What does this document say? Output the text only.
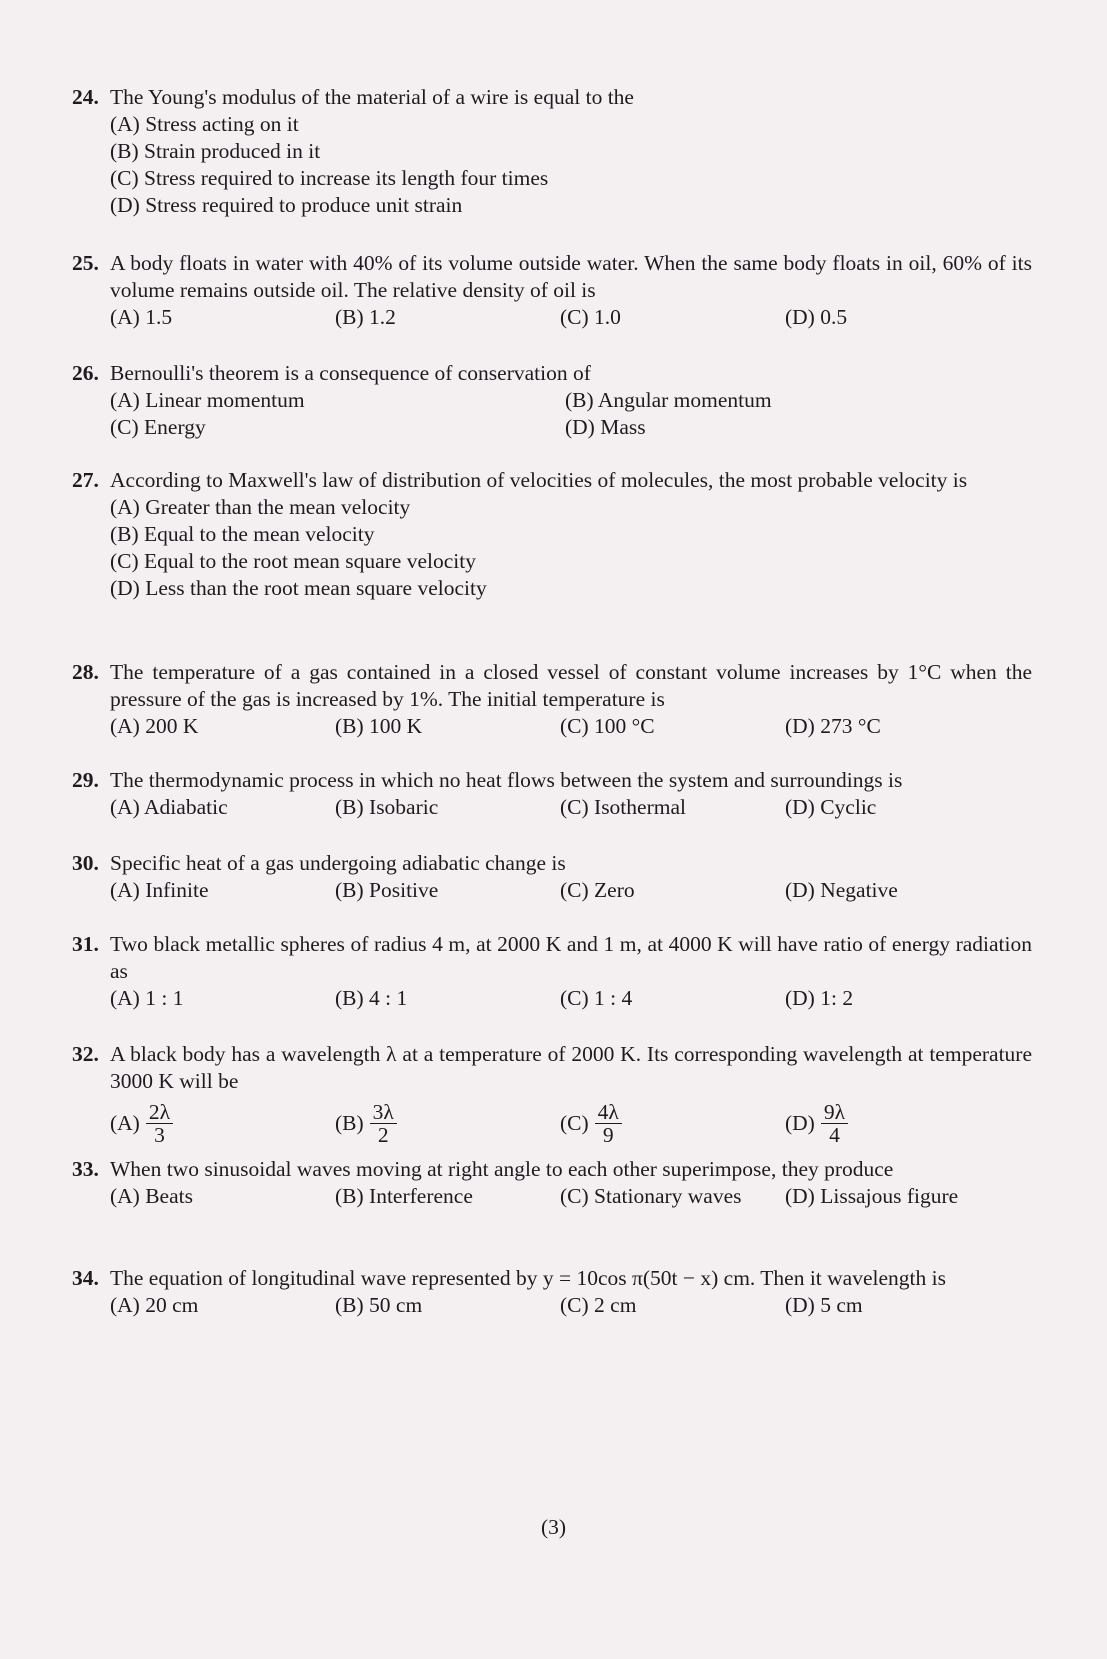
24. The Young's modulus of the material of a wire is equal to the
(A) Stress acting on it
(B) Strain produced in it
(C) Stress required to increase its length four times
(D) Stress required to produce unit strain
25. A body floats in water with 40% of its volume outside water. When the same body floats in oil, 60% of its volume remains outside oil. The relative density of oil is
(A) 1.5	(B) 1.2	(C) 1.0	(D) 0.5
26. Bernoulli's theorem is a consequence of conservation of
(A) Linear momentum	(B) Angular momentum
(C) Energy	(D) Mass
27. According to Maxwell's law of distribution of velocities of molecules, the most probable velocity is
(A) Greater than the mean velocity
(B) Equal to the mean velocity
(C) Equal to the root mean square velocity
(D) Less than the root mean square velocity
28. The temperature of a gas contained in a closed vessel of constant volume increases by 1°C when the pressure of the gas is increased by 1%. The initial temperature is
(A) 200 K	(B) 100 K	(C) 100 °C	(D) 273 °C
29. The thermodynamic process in which no heat flows between the system and surroundings is
(A) Adiabatic	(B) Isobaric	(C) Isothermal	(D) Cyclic
30. Specific heat of a gas undergoing adiabatic change is
(A) Infinite	(B) Positive	(C) Zero	(D) Negative
31. Two black metallic spheres of radius 4 m, at 2000 K and 1 m, at 4000 K will have ratio of energy radiation as
(A) 1 : 1	(B) 4 : 1	(C) 1 : 4	(D) 1: 2
32. A black body has a wavelength λ at a temperature of 2000 K. Its corresponding wavelength at temperature 3000 K will be
$(A) \frac{2\lambda}{3}$	$(B) \frac{3\lambda}{2}$	$(C) \frac{4\lambda}{9}$	$(D) \frac{9\lambda}{4}$
33. When two sinusoidal waves moving at right angle to each other superimpose, they produce
(A) Beats	(B) Interference	(C) Stationary waves	(D) Lissajous figure
34. The equation of longitudinal wave represented by y = 10cos π(50t − x) cm. Then it wavelength is
(A) 20 cm	(B) 50 cm	(C) 2 cm	(D) 5 cm
(3)
